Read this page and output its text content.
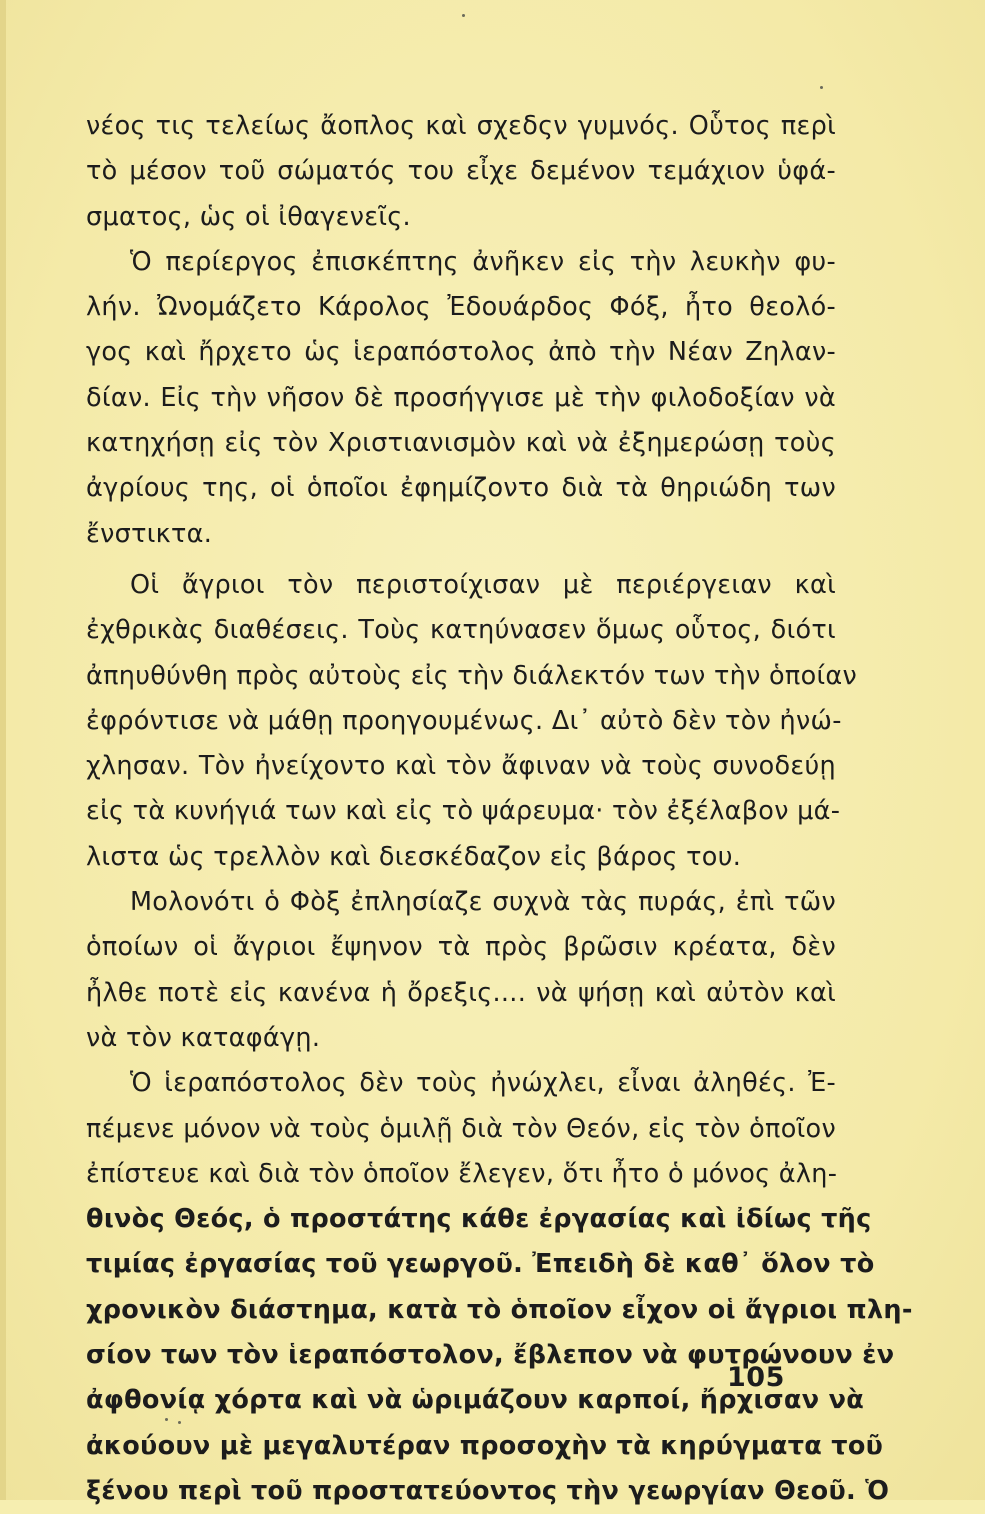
νέος τις τελείως ἄοπλος καὶ σχεδςν γυμνός. Οὗτος περὶ
τὸ μέσον τοῦ σώματός του εἶχε δεμένον τεμάχιον ὑφά-
σματος, ὡς οἱ ἰθαγενεῖς.
Ὁ περίεργος ἐπισκέπτης ἀνῆκεν εἰς τὴν λευκὴν φυ-
λήν. Ὠνομάζετο Κάρολος Ἐδουάρδος Φόξ, ἦτο θεολό-
γος καὶ ἤρχετο ὡς ἱεραπόστολος ἀπὸ τὴν Νέαν Ζηλαν-
δίαν. Εἰς τὴν νῆσον δὲ προσήγγισε μὲ τὴν φιλοδοξίαν νὰ
κατηχήσῃ εἰς τὸν Χριστιανισμὸν καὶ νὰ ἐξημερώσῃ τοὺς
ἀγρίους της, οἱ ὁποῖοι ἐφημίζοντο διὰ τὰ θηριώδη των
ἔνστικτα.
Οἱ ἄγριοι τὸν περιστοίχισαν μὲ περιέργειαν καὶ
ἐχθρικὰς διαθέσεις. Τοὺς κατηύνασεν ὅμως οὗτος, διότι
ἀπηυθύνθη πρὸς αὐτοὺς εἰς τὴν διάλεκτόν των τὴν ὁποίαν
ἐφρόντισε νὰ μάθῃ προηγουμένως. Δι᾽ αὐτὸ δὲν τὸν ἠνώ-
χλησαν. Τὸν ἠνείχοντο καὶ τὸν ἄφιναν νὰ τοὺς συνοδεύῃ
εἰς τὰ κυνήγιά των καὶ εἰς τὸ ψάρευμα· τὸν ἐξέλαβον μά-
λιστα ὡς τρελλὸν καὶ διεσκέδαζον εἰς βάρος του.
Μολονότι ὁ Φὸξ ἐπλησίαζε συχνὰ τὰς πυράς, ἐπὶ τῶν
ὁποίων οἱ ἄγριοι ἔψηνον τὰ πρὸς βρῶσιν κρέατα, δὲν
ἦλθε ποτὲ εἰς κανένα ἡ ὄρεξις.... νὰ ψήσῃ καὶ αὐτὸν καὶ
νὰ τὸν καταφάγῃ.
Ὁ ἱεραπόστολος δὲν τοὺς ἠνώχλει, εἶναι ἀληθές. Ἐ-
πέμενε μόνον νὰ τοὺς ὁμιλῇ διὰ τὸν Θεόν, εἰς τὸν ὁποῖον
ἐπίστευε καὶ διὰ τὸν ὁποῖον ἔλεγεν, ὅτι ἦτο ὁ μόνος ἀλη-
θινὸς Θεός, ὁ προστάτης κάθε ἐργασίας καὶ ἰδίως τῆς
τιμίας ἐργασίας τοῦ γεωργοῦ. Ἐπειδὴ δὲ καθ᾽ ὅλον τὸ
χρονικὸν διάστημα, κατὰ τὸ ὁποῖον εἶχον οἱ ἄγριοι πλη-
σίον των τὸν ἱεραπόστολον, ἔβλεπον νὰ φυτρώνουν ἐν
ἀφθονίᾳ χόρτα καὶ νὰ ὡριμάζουν καρποί, ἤρχισαν νὰ
ἀκούουν μὲ μεγαλυτέραν προσοχὴν τὰ κηρύγματα τοῦ
ξένου περὶ τοῦ προστατεύοντος τὴν γεωργίαν Θεοῦ. Ὁ
105
